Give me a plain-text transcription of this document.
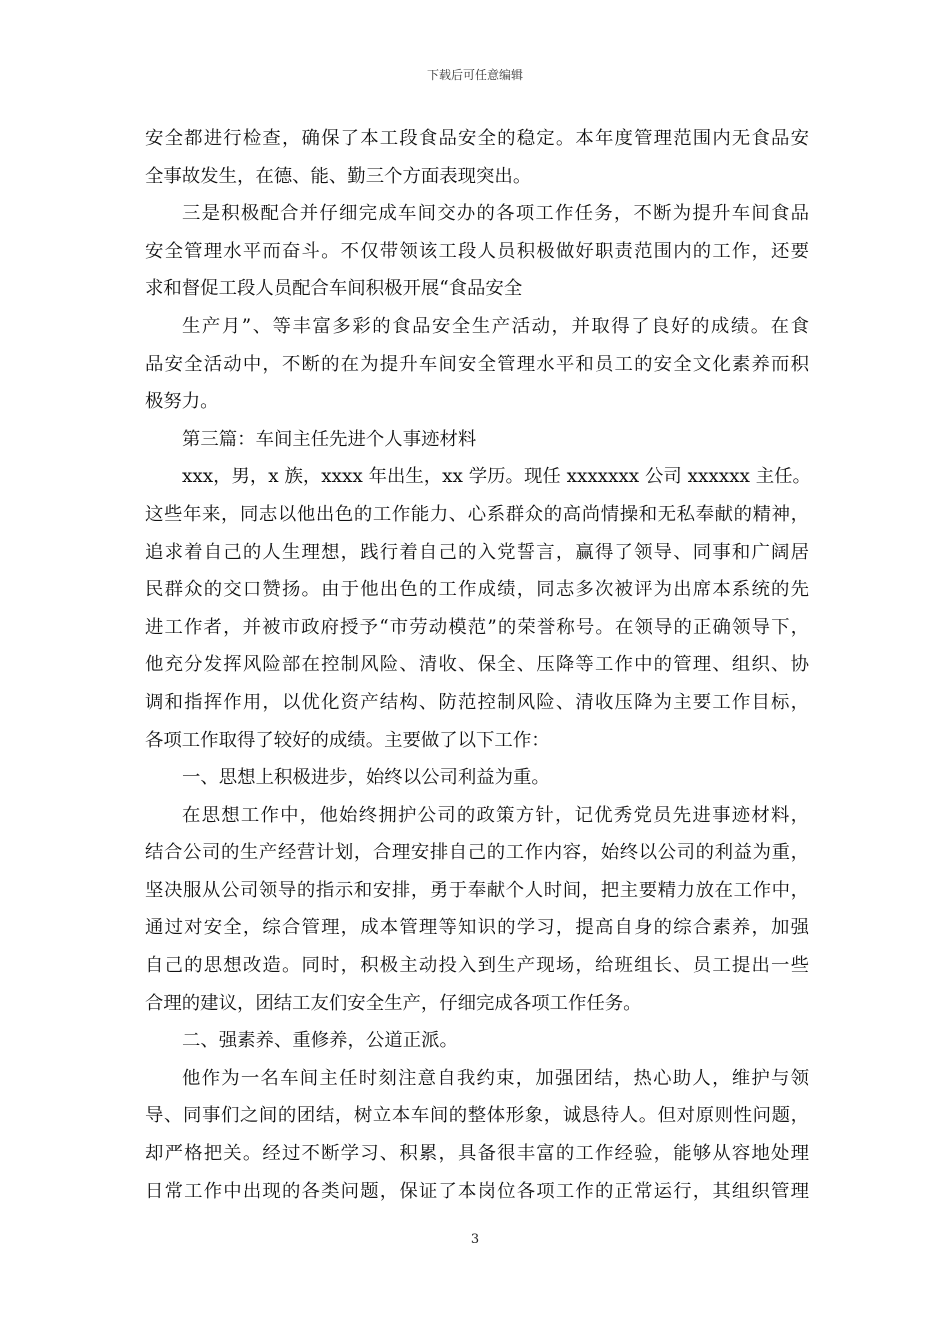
下载后可任意编辑
安全都进行检查，确保了本工段食品安全的稳定。本年度管理范围内无食品安
全事故发生，在德、能、勤三个方面表现突出。
三是积极配合并仔细完成车间交办的各项工作任务，不断为提升车间食品
安全管理水平而奋斗。不仅带领该工段人员积极做好职责范围内的工作，还要
求和督促工段人员配合车间积极开展“食品安全
生产月”、等丰富多彩的食品安全生产活动，并取得了良好的成绩。在食
品安全活动中，不断的在为提升车间安全管理水平和员工的安全文化素养而积
极努力。
第三篇：车间主任先进个人事迹材料
xxx，男，x 族，xxxx 年出生，xx 学历。现任 xxxxxxx 公司 xxxxxx 主任。
这些年来，同志以他出色的工作能力、心系群众的高尚情操和无私奉献的精神，
追求着自己的人生理想，践行着自己的入党誓言，赢得了领导、同事和广阔居
民群众的交口赞扬。由于他出色的工作成绩，同志多次被评为出席本系统的先
进工作者，并被市政府授予“市劳动模范”的荣誉称号。在领导的正确领导下，
他充分发挥风险部在控制风险、清收、保全、压降等工作中的管理、组织、协
调和指挥作用，以优化资产结构、防范控制风险、清收压降为主要工作目标，
各项工作取得了较好的成绩。主要做了以下工作：
一、思想上积极进步，始终以公司利益为重。
在思想工作中，他始终拥护公司的政策方针，记优秀党员先进事迹材料，
结合公司的生产经营计划，合理安排自己的工作内容，始终以公司的利益为重，
坚决服从公司领导的指示和安排，勇于奉献个人时间，把主要精力放在工作中，
通过对安全，综合管理，成本管理等知识的学习，提高自身的综合素养，加强
自己的思想改造。同时，积极主动投入到生产现场，给班组长、员工提出一些
合理的建议，团结工友们安全生产，仔细完成各项工作任务。
二、强素养、重修养，公道正派。
他作为一名车间主任时刻注意自我约束，加强团结，热心助人，维护与领
导、同事们之间的团结，树立本车间的整体形象，诚恳待人。但对原则性问题，
却严格把关。经过不断学习、积累，具备很丰富的工作经验，能够从容地处理
日常工作中出现的各类问题，保证了本岗位各项工作的正常运行，其组织管理
3
